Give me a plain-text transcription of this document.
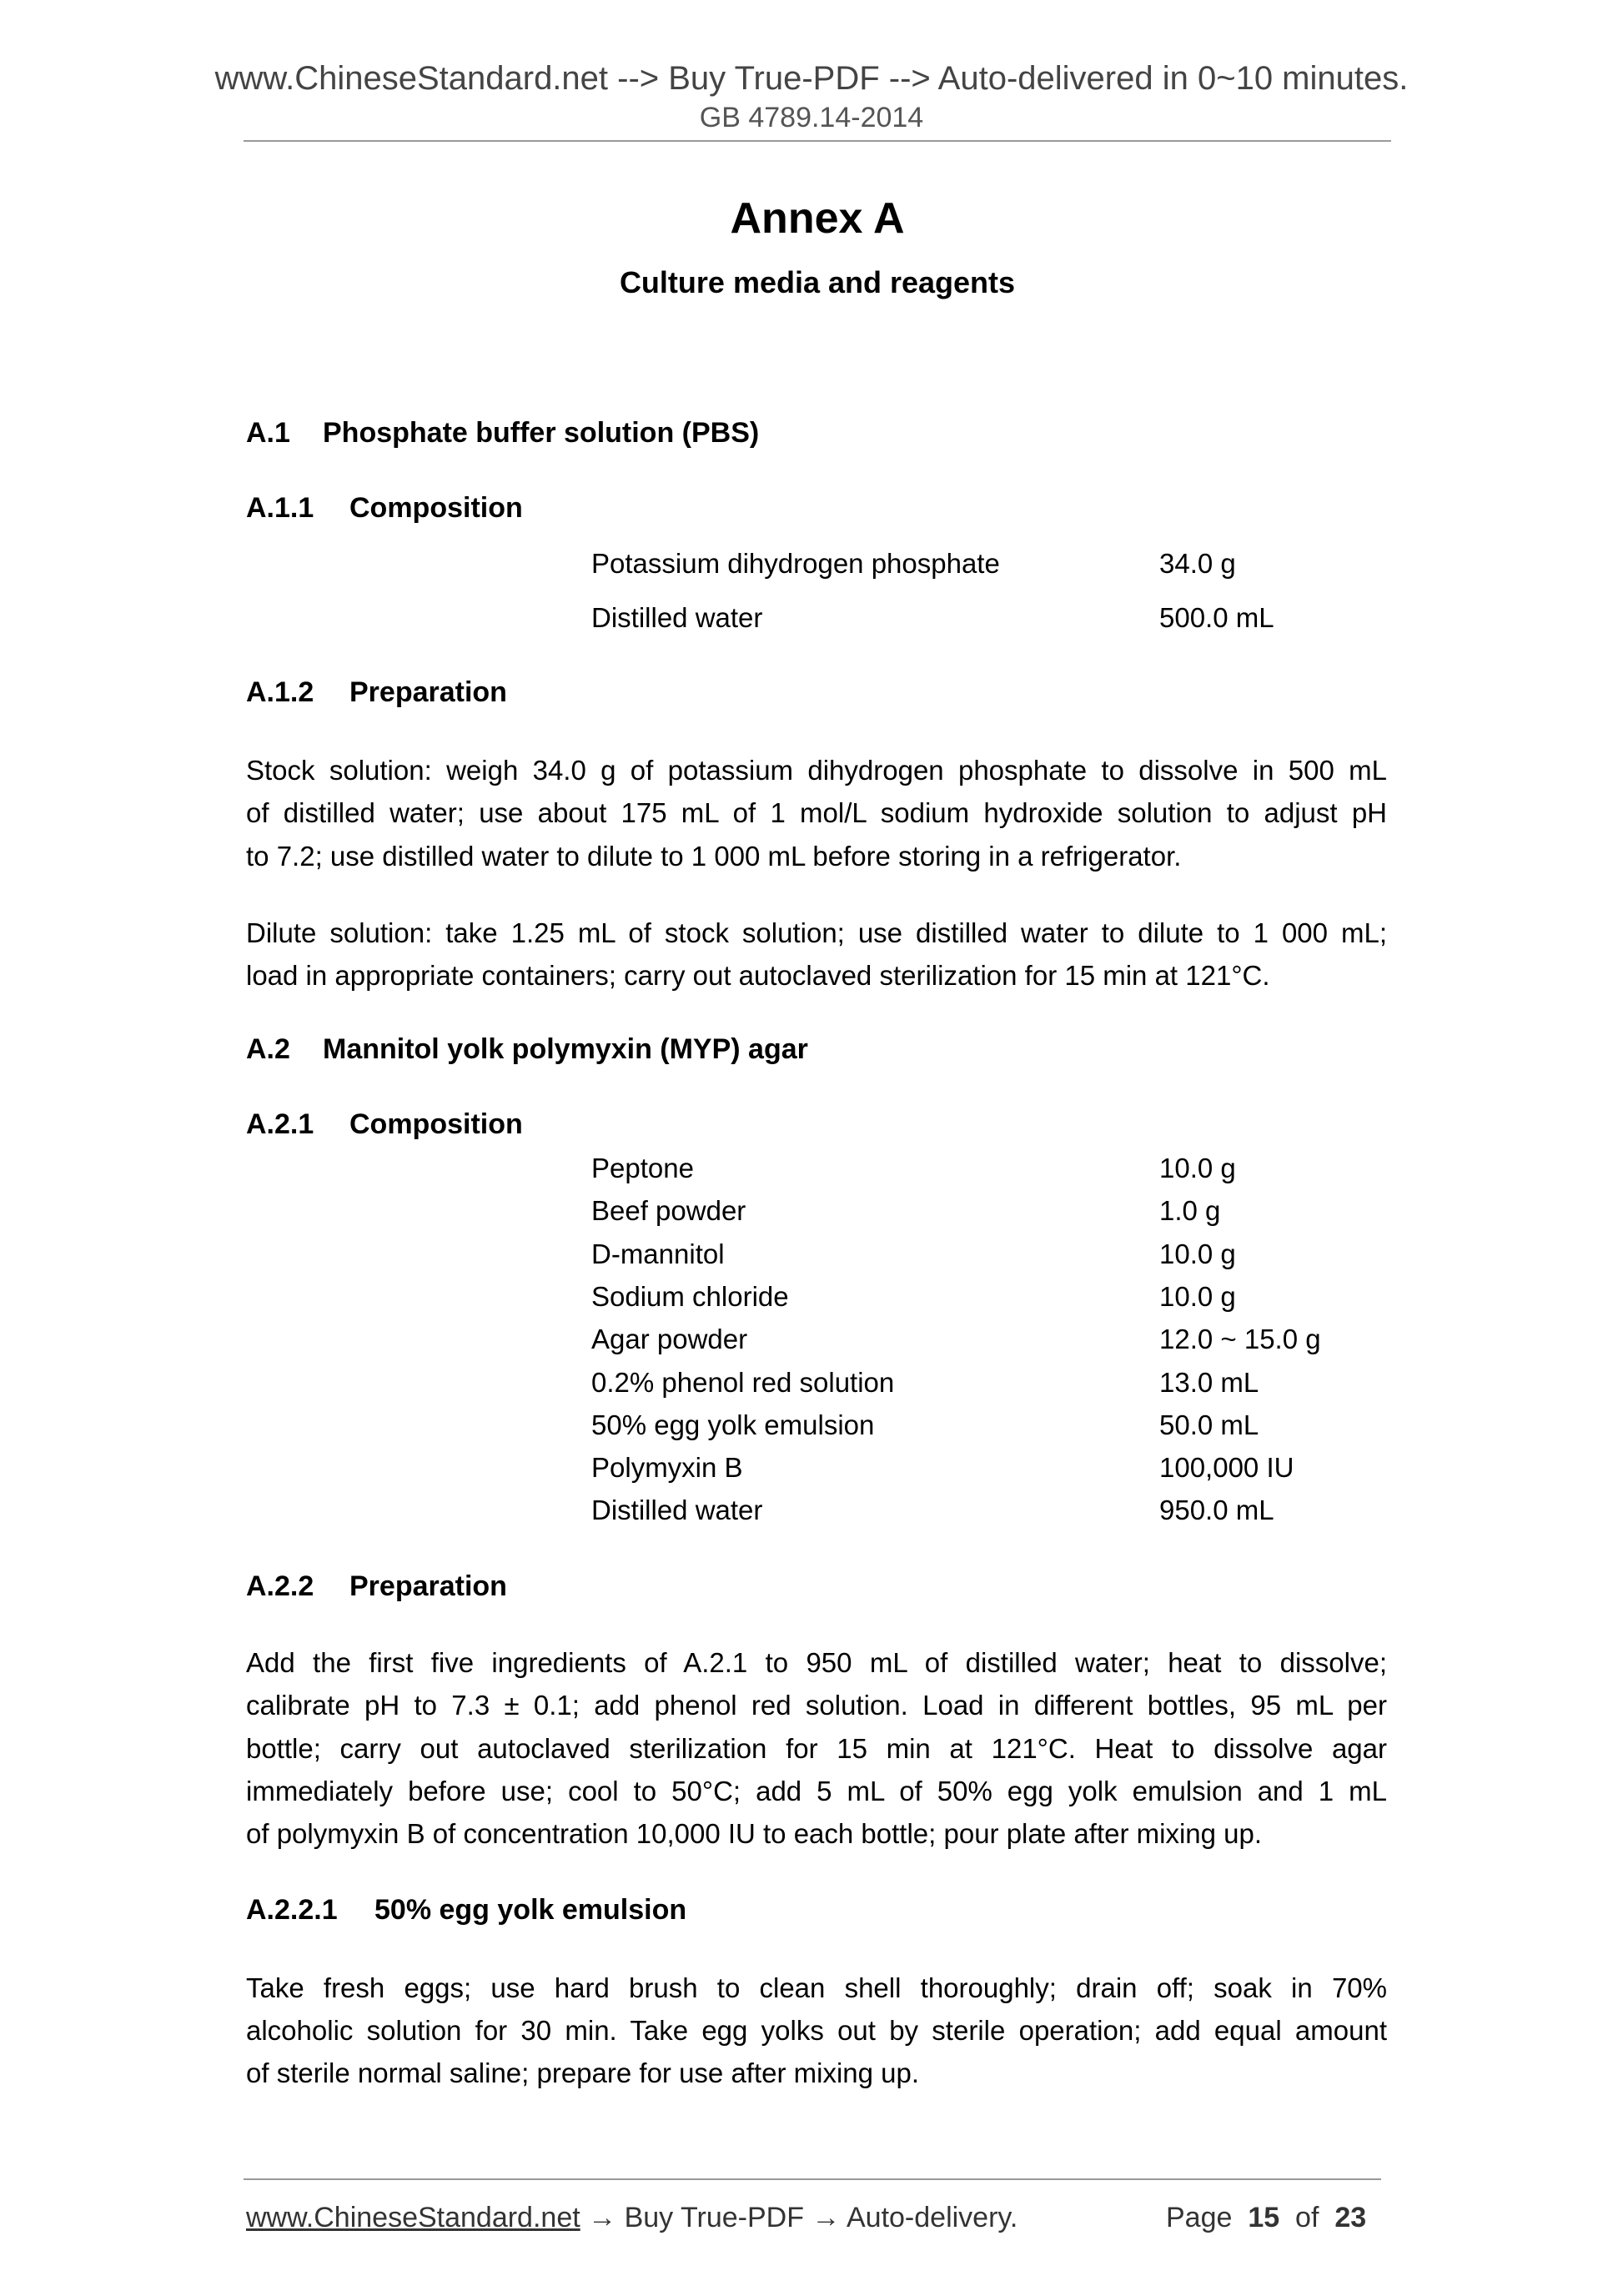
www.ChineseStandard.net --> Buy True-PDF --> Auto-delivered in 0~10 minutes.
GB 4789.14-2014
Annex A
Culture media and reagents
A.1 Phosphate buffer solution (PBS)
A.1.1 Composition
Potassium dihydrogen phosphate	34.0 g
Distilled water	500.0 mL
A.1.2 Preparation
Stock solution: weigh 34.0 g of potassium dihydrogen phosphate to dissolve in 500 mL
of distilled water; use about 175 mL of 1 mol/L sodium hydroxide solution to adjust pH
to 7.2; use distilled water to dilute to 1 000 mL before storing in a refrigerator.
Dilute solution: take 1.25 mL of stock solution; use distilled water to dilute to 1 000 mL;
load in appropriate containers; carry out autoclaved sterilization for 15 min at 121°C.
A.2 Mannitol yolk polymyxin (MYP) agar
A.2.1 Composition
Peptone	10.0 g
Beef powder	1.0 g
D-mannitol	10.0 g
Sodium chloride	10.0 g
Agar powder	12.0 ~ 15.0 g
0.2% phenol red solution	13.0 mL
50% egg yolk emulsion	50.0 mL
Polymyxin B	100,000 IU
Distilled water	950.0 mL
A.2.2 Preparation
Add the first five ingredients of A.2.1 to 950 mL of distilled water; heat to dissolve;
calibrate pH to 7.3 ± 0.1; add phenol red solution. Load in different bottles, 95 mL per
bottle; carry out autoclaved sterilization for 15 min at 121°C. Heat to dissolve agar
immediately before use; cool to 50°C; add 5 mL of 50% egg yolk emulsion and 1 mL
of polymyxin B of concentration 10,000 IU to each bottle; pour plate after mixing up.
A.2.2.1 50% egg yolk emulsion
Take fresh eggs; use hard brush to clean shell thoroughly; drain off; soak in 70%
alcoholic solution for 30 min. Take egg yolks out by sterile operation; add equal amount
of sterile normal saline; prepare for use after mixing up.
www.ChineseStandard.net → Buy True-PDF → Auto-delivery.	Page 15 of 23
